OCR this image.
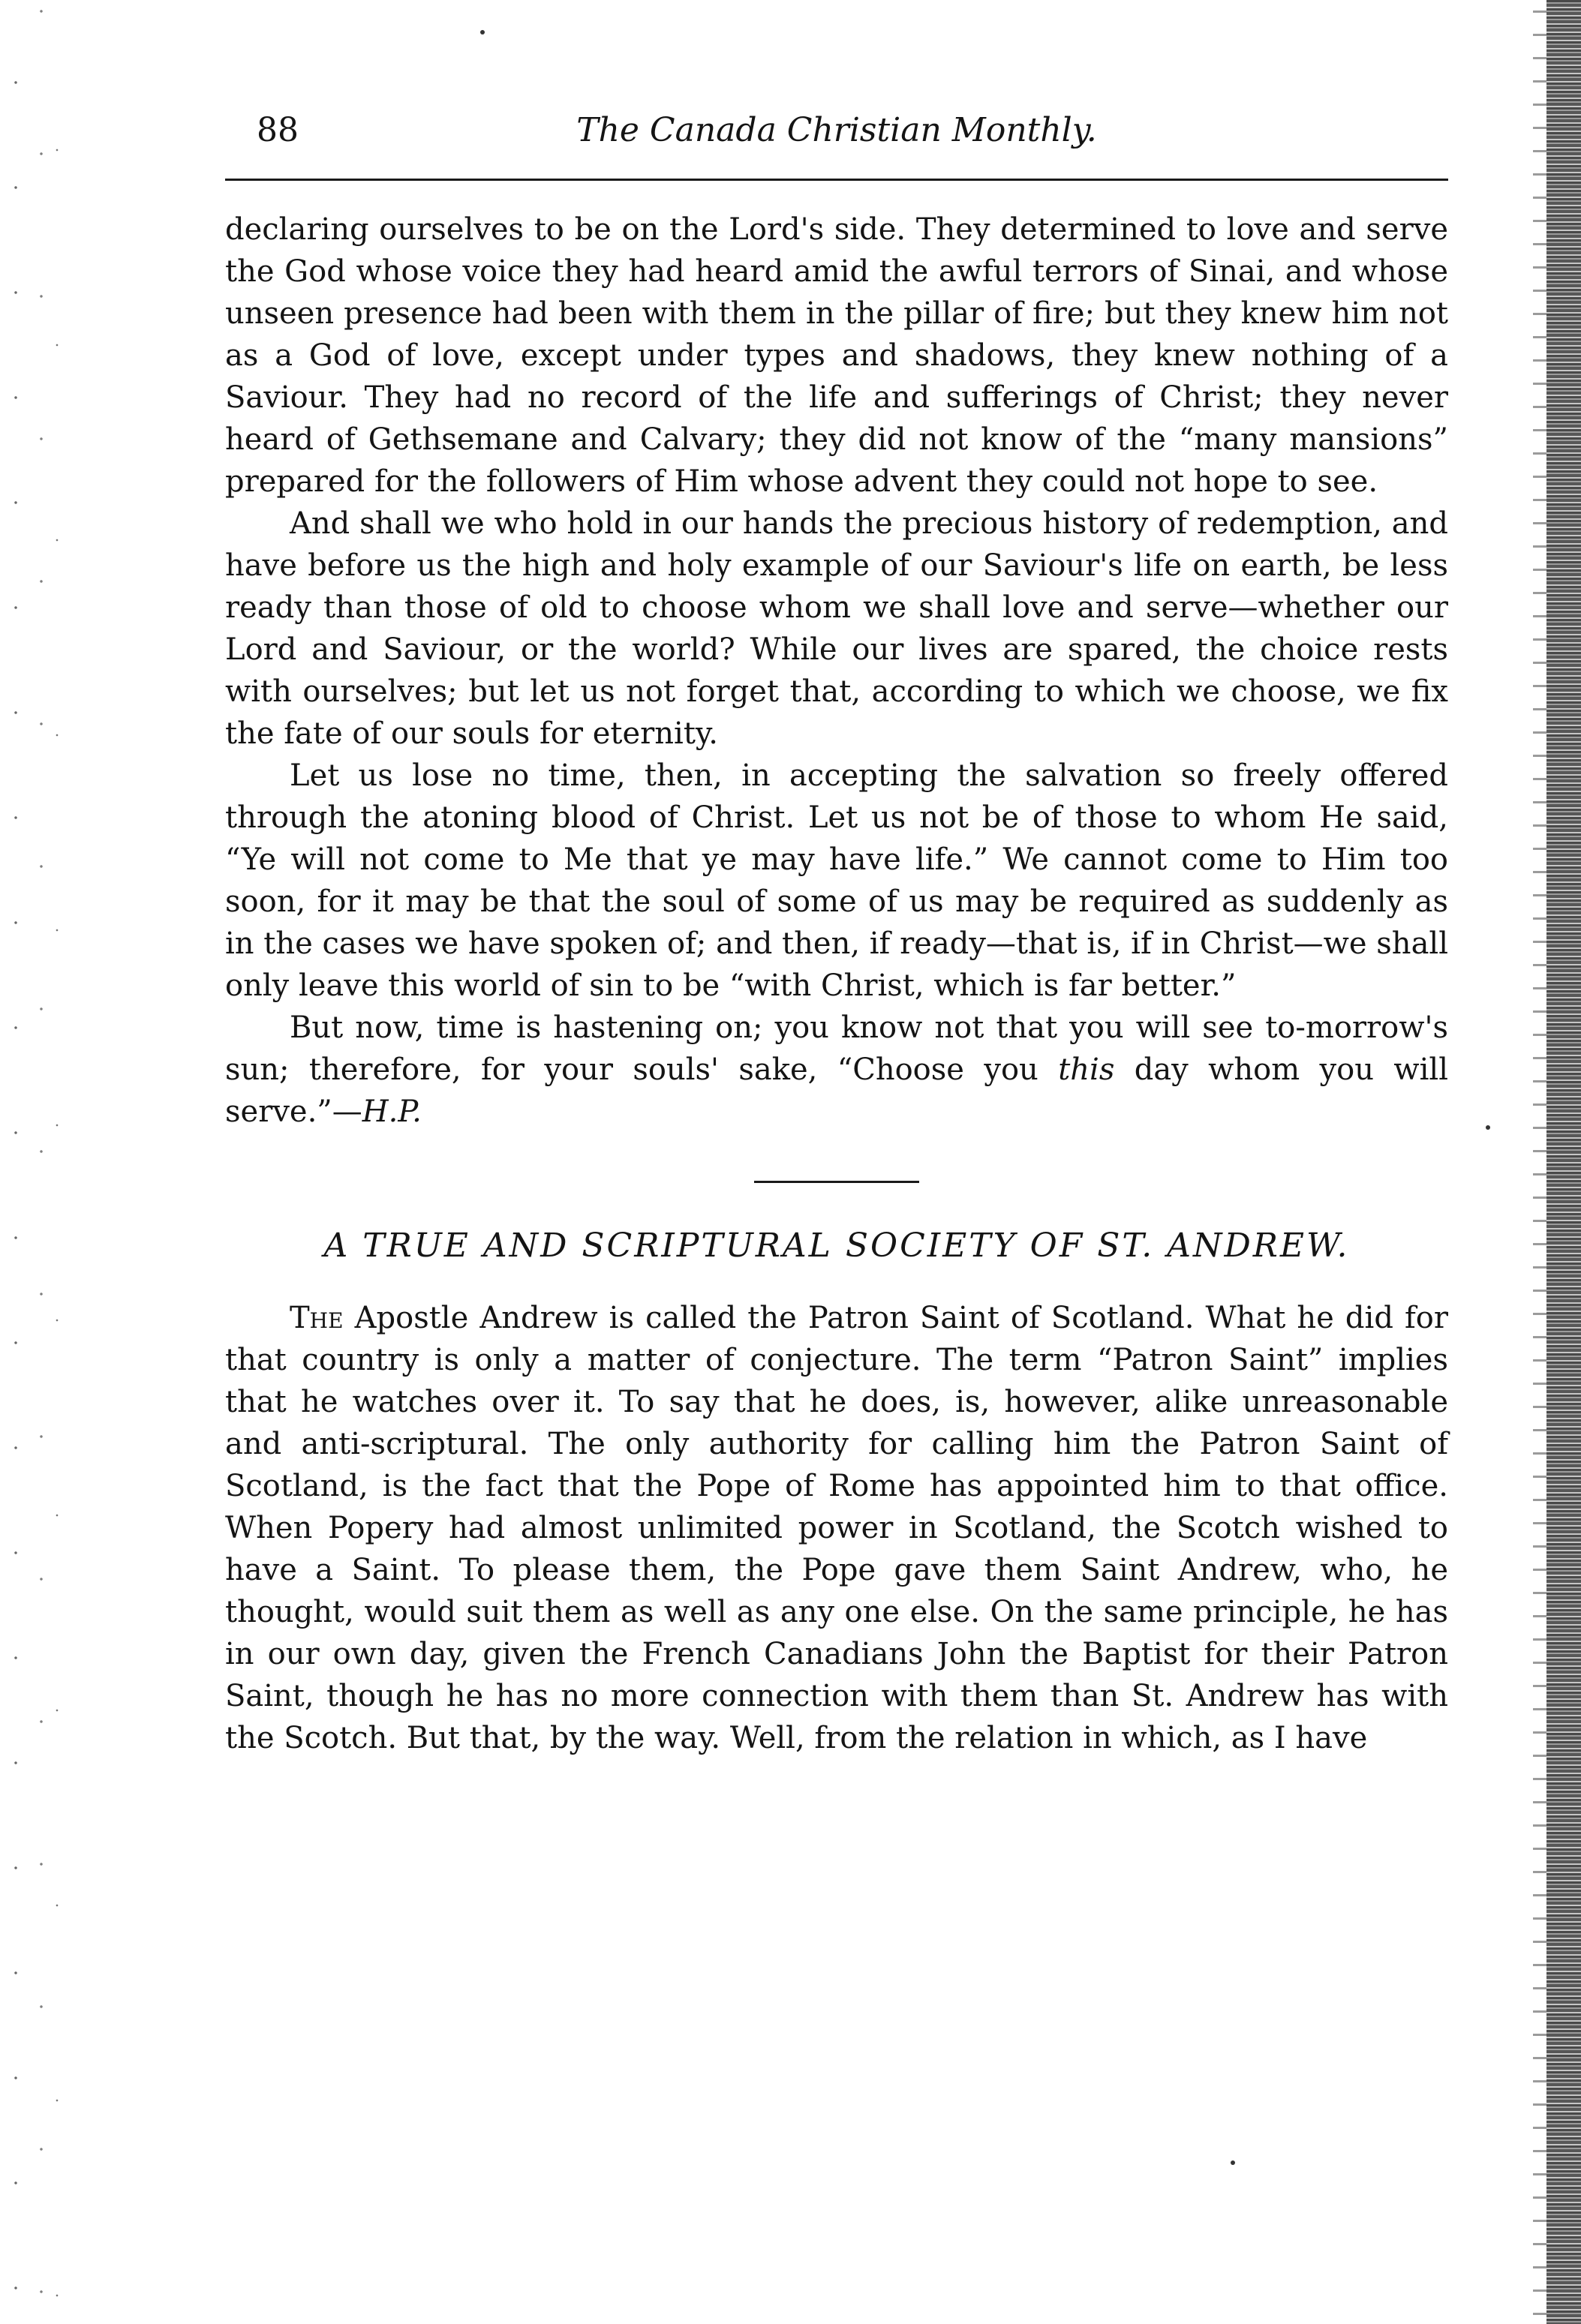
88	The Canada Christian Monthly.

declaring ourselves to be on the Lord's side. They determined to love and serve the God whose voice they had heard amid the awful terrors of Sinai, and whose unseen presence had been with them in the pillar of fire; but they knew him not as a God of love, except under types and shadows, they knew nothing of a Saviour. They had no record of the life and sufferings of Christ; they never heard of Gethsemane and Calvary; they did not know of the “many mansions” prepared for the followers of Him whose advent they could not hope to see.

And shall we who hold in our hands the precious history of redemption, and have before us the high and holy example of our Saviour's life on earth, be less ready than those of old to choose whom we shall love and serve—whether our Lord and Saviour, or the world? While our lives are spared, the choice rests with ourselves; but let us not forget that, according to which we choose, we fix the fate of our souls for eternity.

Let us lose no time, then, in accepting the salvation so freely offered through the atoning blood of Christ. Let us not be of those to whom He said, “Ye will not come to Me that ye may have life.” We cannot come to Him too soon, for it may be that the soul of some of us may be required as suddenly as in the cases we have spoken of; and then, if ready—that is, if in Christ—we shall only leave this world of sin to be “with Christ, which is far better.”

But now, time is hastening on; you know not that you will see to-morrow's sun; therefore, for your souls' sake, “Choose you this day whom you will serve.”—H.P.

A TRUE AND SCRIPTURAL SOCIETY OF ST. ANDREW.

The Apostle Andrew is called the Patron Saint of Scotland. What he did for that country is only a matter of conjecture. The term “Patron Saint” implies that he watches over it. To say that he does, is, however, alike unreasonable and anti-scriptural. The only authority for calling him the Patron Saint of Scotland, is the fact that the Pope of Rome has appointed him to that office. When Popery had almost unlimited power in Scotland, the Scotch wished to have a Saint. To please them, the Pope gave them Saint Andrew, who, he thought, would suit them as well as any one else. On the same principle, he has in our own day, given the French Canadians John the Baptist for their Patron Saint, though he has no more connection with them than St. Andrew has with the Scotch. But that, by the way. Well, from the relation in which, as I have
